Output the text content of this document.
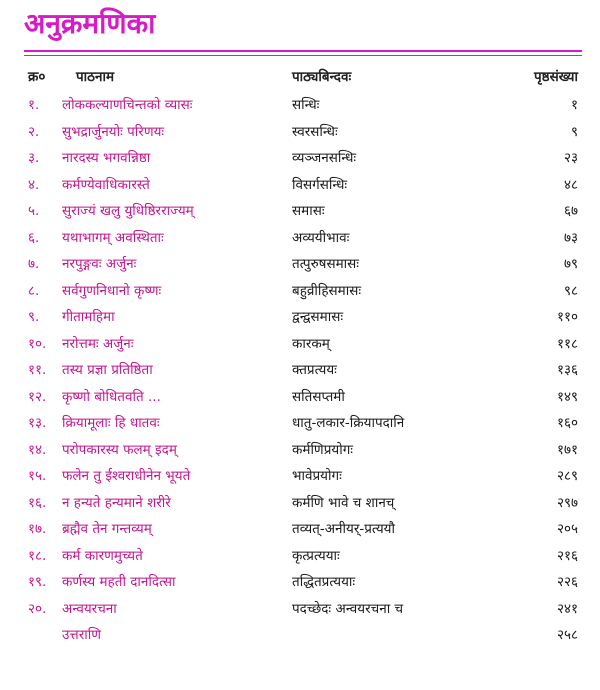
अनुक्रमणिका
क्र० पाठनाम	पाठ्यबिन्दवः	पृष्ठसंख्या
१. लोककल्याणचिन्तको व्यासः	सन्धिः	१
२. सुभद्रार्जुनयोः परिणयः	स्वरसन्धिः	९
३. नारदस्य भगवन्निष्ठा	व्यञ्जनसन्धिः	२३
४. कर्मण्येवाधिकारस्ते	विसर्गसन्धिः	४८
५. सुराज्यं खलु युधिष्ठिरराज्यम्	समासः	६७
६. यथाभागम् अवस्थिताः	अव्ययीभावः	७३
७. नरपुङ्गवः अर्जुनः	तत्पुरुषसमासः	७९
८. सर्वगुणनिधानो कृष्णः	बहुव्रीहिसमासः	९८
९. गीतामहिमा	द्वन्द्वसमासः	११०
१०. नरोत्तमः अर्जुनः	कारकम्	११८
११. तस्य प्रज्ञा प्रतिष्ठिता	क्तप्रत्ययः	१३६
१२. कृष्णो बोधितवति ...	सतिसप्तमी	१४९
१३. क्रियामूलाः हि धातवः	धातु-लकार-क्रियापदानि	१६०
१४. परोपकारस्य फलम् इदम्	कर्मणिप्रयोगः	१७१
१५. फलेन तु ईश्वराधीनेन भूयते	भावेप्रयोगः	२८९
१६. न हन्यते हन्यमाने शरीरे	कर्मणि भावे च शानच्	२९७
१७. ब्रह्मैव तेन गन्तव्यम्	तव्यत्-अनीयर्-प्रत्ययौ	२०५
१८. कर्म कारणमुच्यते	कृत्प्रत्ययाः	२१६
१९. कर्णस्य महती दानदित्सा	तद्धितप्रत्ययाः	२२६
२०. अन्वयरचना	पदच्छेदः अन्वयरचना च	२४१
उत्तराणि	२५८
